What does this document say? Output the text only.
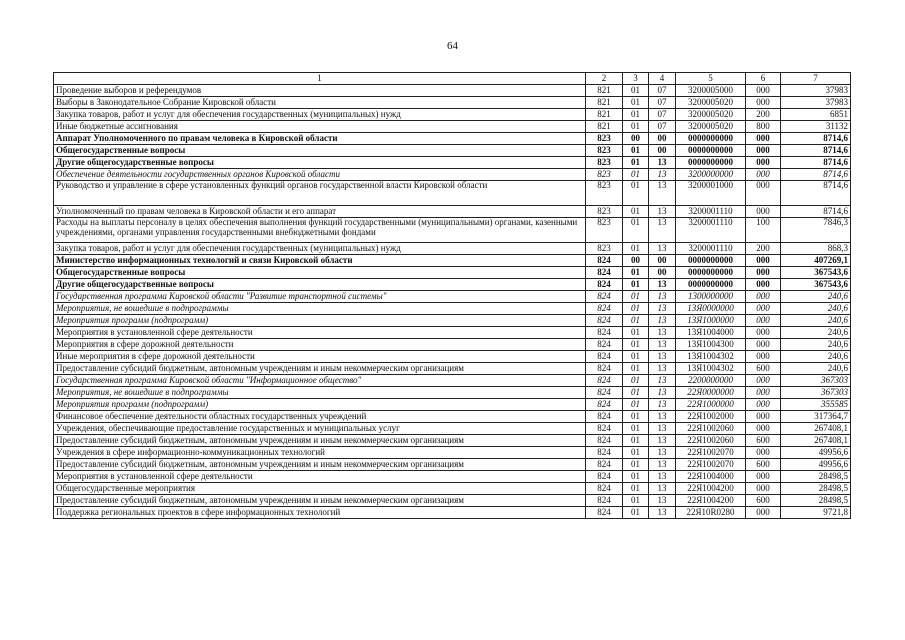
64
1	2	3	4	5	6	7
Проведение выборов и референдумов	821	01	07	3200005000	000	37983
Выборы в Законодательное Собрание Кировской области	821	01	07	3200005020	000	37983
Закупка товаров, работ и услуг для обеспечения государственных (муниципальных) нужд	821	01	07	3200005020	200	6851
Иные бюджетные ассигнования	821	01	07	3200005020	800	31132
Аппарат Уполномоченного по правам человека в Кировской области	823	00	00	0000000000	000	8714,6
Общегосударственные вопросы	823	01	00	0000000000	000	8714,6
Другие общегосударственные вопросы	823	01	13	0000000000	000	8714,6
Обеспечение деятельности государственных органов Кировской области	823	01	13	3200000000	000	8714,6
Руководство и управление в сфере установленных функций органов государственной власти Кировской области	823	01	13	3200001000	000	8714,6
Уполномоченный по правам человека в Кировской области и его аппарат	823	01	13	3200001110	000	8714,6
Расходы на выплаты персоналу в целях обеспечения выполнения функций государственными (муниципальными) органами, казенными учреждениями, органами управления государственными внебюджетными фондами	823	01	13	3200001110	100	7846,3
Закупка товаров, работ и услуг для обеспечения государственных (муниципальных) нужд	823	01	13	3200001110	200	868,3
Министерство информационных технологий и связи Кировской области	824	00	00	0000000000	000	407269,1
Общегосударственные вопросы	824	01	00	0000000000	000	367543,6
Другие общегосударственные вопросы	824	01	13	0000000000	000	367543,6
Государственная программа Кировской области "Развитие транспортной системы"	824	01	13	1300000000	000	240,6
Мероприятия, не вошедшие в подпрограммы	824	01	13	13Я0000000	000	240,6
Мероприятия программ (подпрограмм)	824	01	13	13Я1000000	000	240,6
Мероприятия в установленной сфере деятельности	824	01	13	13Я1004000	000	240,6
Мероприятия в сфере дорожной деятельности	824	01	13	13Я1004300	000	240,6
Иные мероприятия в сфере дорожной деятельности	824	01	13	13Я1004302	000	240,6
Предоставление субсидий бюджетным, автономным учреждениям и иным некоммерческим организациям	824	01	13	13Я1004302	600	240,6
Государственная программа Кировской области "Информационное общество"	824	01	13	2200000000	000	367303
Мероприятия, не вошедшие в подпрограммы	824	01	13	22Я0000000	000	367303
Мероприятия программ (подпрограмм)	824	01	13	22Я1000000	000	355585
Финансовое обеспечение деятельности областных государственных учреждений	824	01	13	22Я1002000	000	317364,7
Учреждения, обеспечивающие предоставление государственных и муниципальных услуг	824	01	13	22Я1002060	000	267408,1
Предоставление субсидий бюджетным, автономным учреждениям и иным некоммерческим организациям	824	01	13	22Я1002060	600	267408,1
Учреждения в сфере информационно-коммуникационных технологий	824	01	13	22Я1002070	000	49956,6
Предоставление субсидий бюджетным, автономным учреждениям и иным некоммерческим организациям	824	01	13	22Я1002070	600	49956,6
Мероприятия в установленной сфере деятельности	824	01	13	22Я1004000	000	28498,5
Общегосударственные мероприятия	824	01	13	22Я1004200	000	28498,5
Предоставление субсидий бюджетным, автономным учреждениям и иным некоммерческим организациям	824	01	13	22Я1004200	600	28498,5
Поддержка региональных проектов в сфере информационных технологий	824	01	13	22Я10R0280	000	9721,8
